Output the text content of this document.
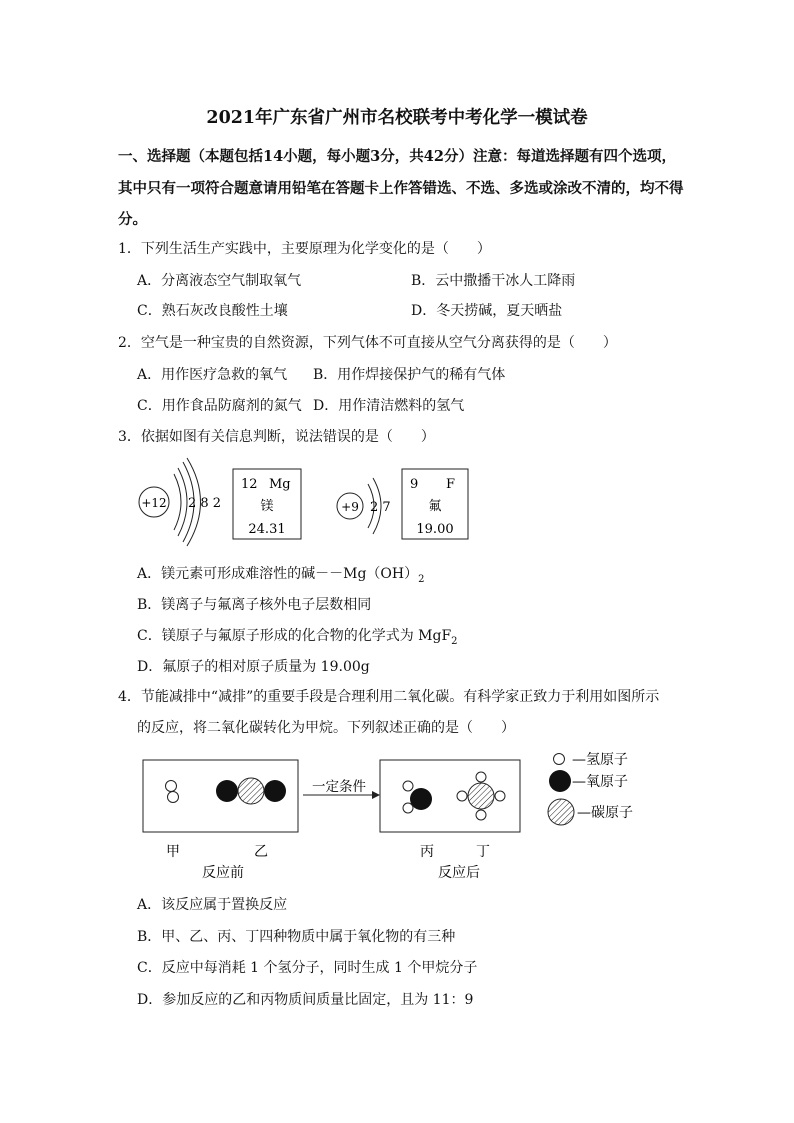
2021年广东省广州市名校联考中考化学一模试卷
一、选择题（本题包括14小题，每小题3分，共42分）注意：每道选择题有四个选项，
其中只有一项符合题意请用铅笔在答题卡上作答错选、不选、多选或涂改不清的，均不得
分。
1．下列生活生产实践中，主要原理为化学变化的是（　　）
A．分离液态空气制取氧气	B．云中撒播干冰人工降雨
C．熟石灰改良酸性土壤	D．冬天捞碱，夏天晒盐
2．空气是一种宝贵的自然资源，下列气体不可直接从空气分离获得的是（　　）
A．用作医疗急救的氧气 B．用作焊接保护气的稀有气体
C．用作食品防腐剂的氮气 D．用作清洁燃料的氢气
3．依据如图有关信息判断，说法错误的是（　　）
+12 2 8 2
12 Mg
镁
24.31
+9 2 7
9 F
氟
19.00
A．镁元素可形成难溶性的碱$--Mg(OH)_2$
B．镁离子与氟离子核外电子层数相同
C．镁原子与氟原子形成的化合物的化学式为 MgF$_2$
D．氟原子的相对原子质量为 19.00g
4．节能减排中“减排”的重要手段是合理利用二氧化碳。有科学家正致力于利用如图所示
的反应，将二氧化碳转化为甲烷。下列叙述正确的是（　　）
一定条件
甲	乙
反应前
丙	丁
反应后
—氢原子
—氧原子
—碳原子
A．该反应属于置换反应
B．甲、乙、丙、丁四种物质中属于氧化物的有三种
C．反应中每消耗 1 个氢分子，同时生成 1 个甲烷分子
D．参加反应的乙和丙物质间质量比固定，且为 11：9
